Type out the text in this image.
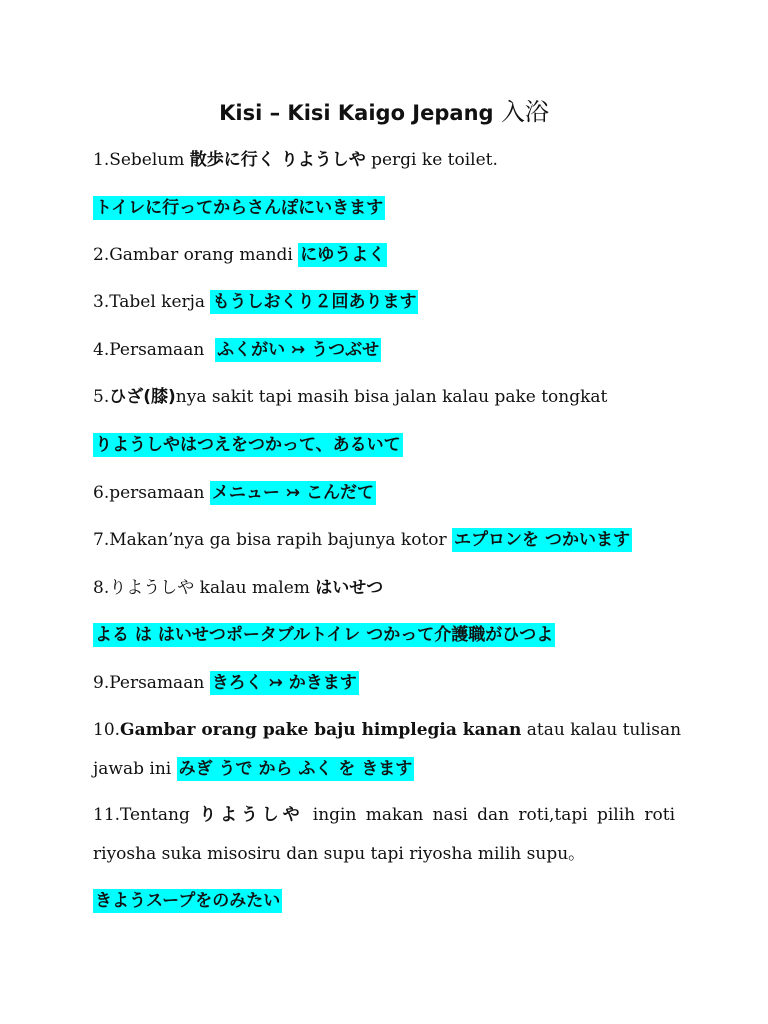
Kisi – Kisi Kaigo Jepang 入浴
1.Sebelum 散歩に行く りようしや pergi ke toilet.
トイレに行ってからさんぽにいきます
2.Gambar orang mandi にゆうよく
3.Tabel kerja もうしおくり２回あります
4.Persamaan  ふくがい ↣ うつぶせ
5.ひざ(膝)nya sakit tapi masih bisa jalan kalau pake tongkat
りようしやはつえをつかって、あるいて
6.persamaan メニュー ↣ こんだて
7.Makan’nya ga bisa rapih bajunya kotor エプロンを つかいます
8.りようしや kalau malem はいせつ
よる は はいせつポータブルトイレ つかって介護職がひつよ
9.Persamaan きろく ↣ かきます
10.Gambar orang pake baju himplegia kanan atau kalau tulisan
jawab ini みぎ うで から ふく を きます
11.Tentang りようしや ingin makan nasi dan roti,tapi pilih roti
riyosha suka misosiru dan supu tapi riyosha milih supu。
きようスープをのみたい
